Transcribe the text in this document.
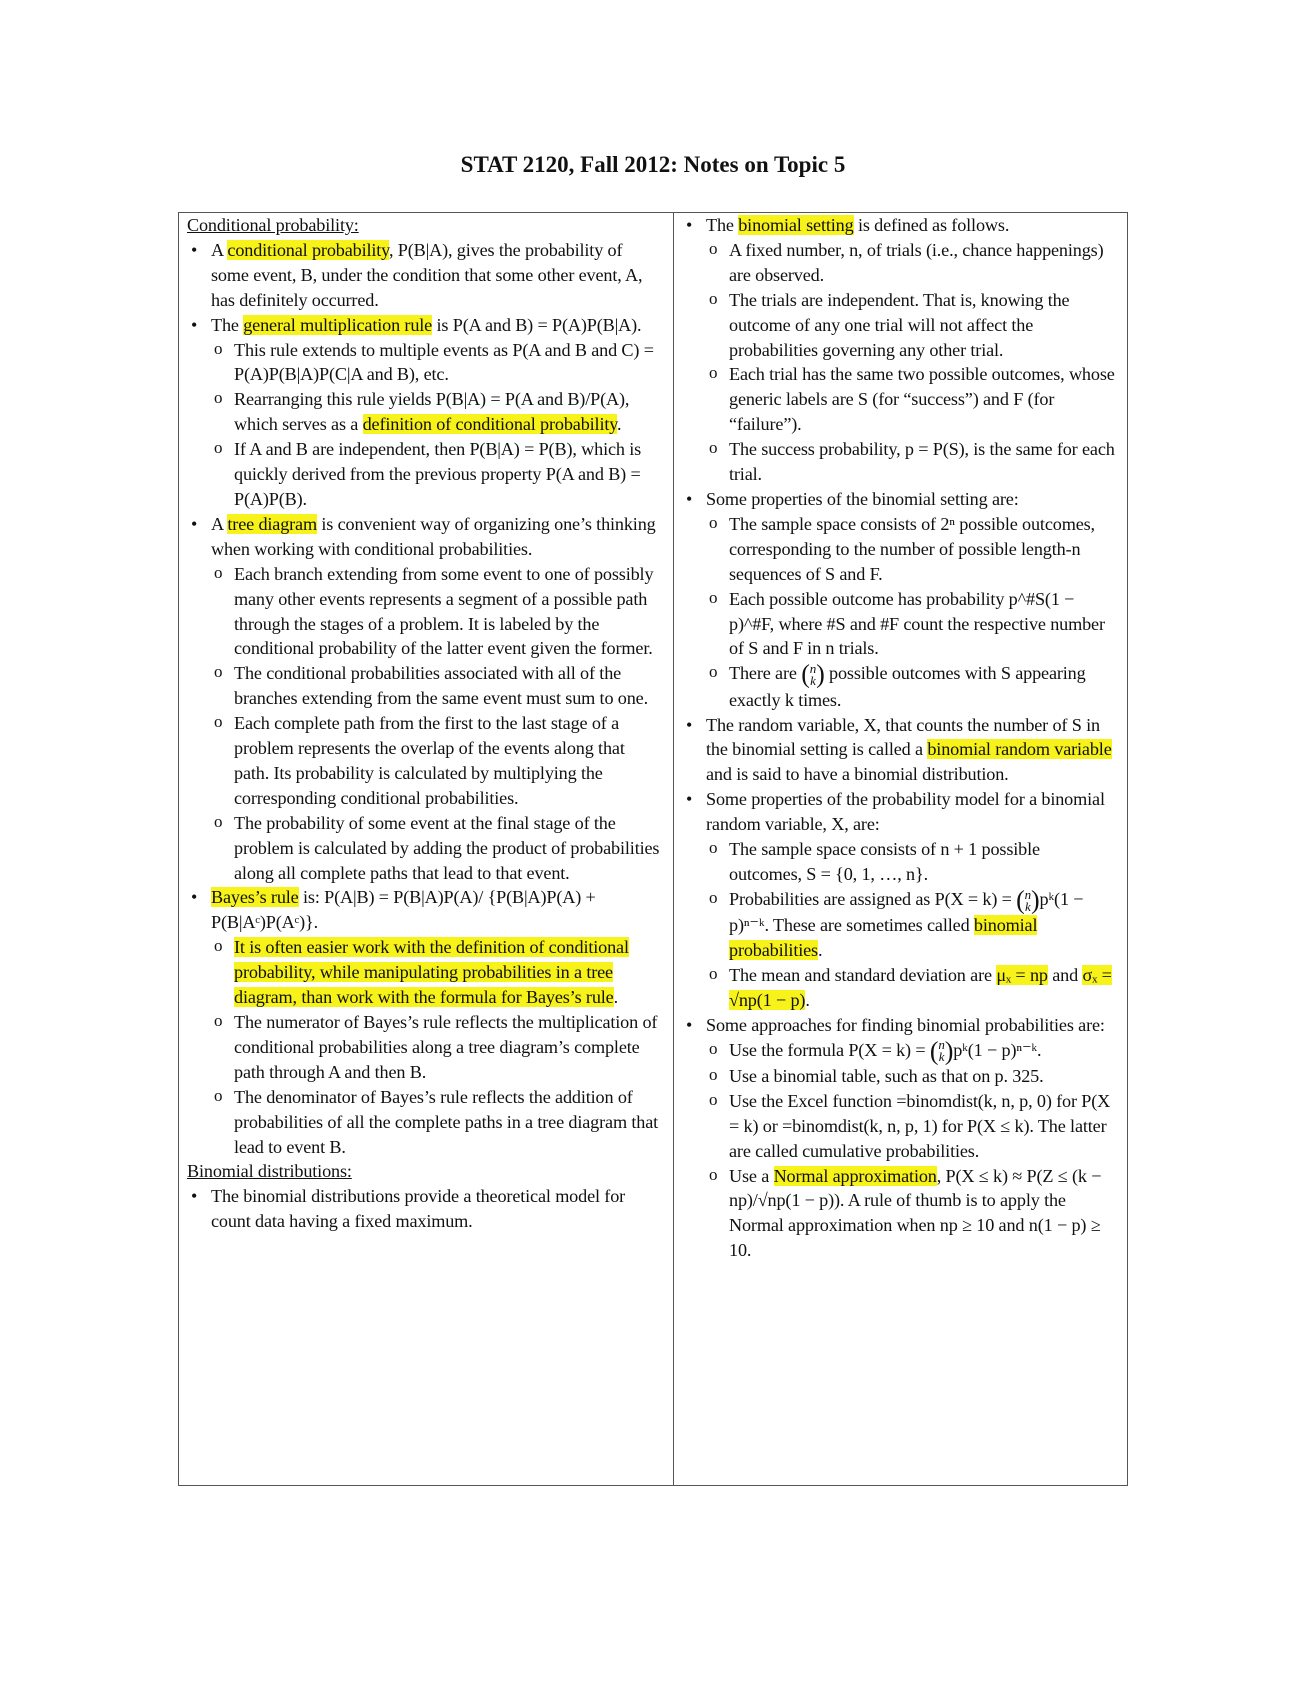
STAT 2120, Fall 2012: Notes on Topic 5
Conditional probability:
• A conditional probability, P(B|A), gives the probability of some event, B, under the condition that some other event, A, has definitely occurred.
• The general multiplication rule is P(A and B) = P(A)P(B|A).
o This rule extends to multiple events as P(A and B and C) = P(A)P(B|A)P(C|A and B), etc.
o Rearranging this rule yields P(B|A) = P(A and B)/P(A), which serves as a definition of conditional probability.
o If A and B are independent, then P(B|A) = P(B), which is quickly derived from the previous property P(A and B) = P(A)P(B).
• A tree diagram is convenient way of organizing one’s thinking when working with conditional probabilities.
o Each branch extending from some event to one of possibly many other events represents a segment of a possible path through the stages of a problem. It is labeled by the conditional probability of the latter event given the former.
o The conditional probabilities associated with all of the branches extending from the same event must sum to one.
o Each complete path from the first to the last stage of a problem represents the overlap of the events along that path. Its probability is calculated by multiplying the corresponding conditional probabilities.
o The probability of some event at the final stage of the problem is calculated by adding the product of probabilities along all complete paths that lead to that event.
• Bayes’s rule is: P(A|B) = P(B|A)P(A)/ {P(B|A)P(A) + P(B|Aᶜ)P(Aᶜ)}.
o It is often easier work with the definition of conditional probability, while manipulating probabilities in a tree diagram, than work with the formula for Bayes’s rule.
o The numerator of Bayes’s rule reflects the multiplication of conditional probabilities along a tree diagram’s complete path through A and then B.
o The denominator of Bayes’s rule reflects the addition of probabilities of all the complete paths in a tree diagram that lead to event B.
Binomial distributions:
• The binomial distributions provide a theoretical model for count data having a fixed maximum.

• The binomial setting is defined as follows.
o A fixed number, n, of trials (i.e., chance happenings) are observed.
o The trials are independent. That is, knowing the outcome of any one trial will not affect the probabilities governing any other trial.
o Each trial has the same two possible outcomes, whose generic labels are S (for “success”) and F (for “failure”).
o The success probability, p = P(S), is the same for each trial.
• Some properties of the binomial setting are:
o The sample space consists of 2ⁿ possible outcomes, corresponding to the number of possible length-n sequences of S and F.
o Each possible outcome has probability p^#S(1 − p)^#F, where #S and #F count the respective number of S and F in n trials.
o There are ( n
k ) possible outcomes with S appearing exactly k times.
• The random variable, X, that counts the number of S in the binomial setting is called a binomial random variable and is said to have a binomial distribution.
• Some properties of the probability model for a binomial random variable, X, are:
o The sample space consists of n + 1 possible outcomes, S = {0, 1, …, n}.
o Probabilities are assigned as P(X = k) = ( n
k )pᵏ(1 − p)ⁿ⁻ᵏ. These are sometimes called binomial probabilities.
o The mean and standard deviation are μₓ = np and σₓ = √np(1 − p).
• Some approaches for finding binomial probabilities are:
o Use the formula P(X = k) = ( n
k )pᵏ(1 − p)ⁿ⁻ᵏ.
o Use a binomial table, such as that on p. 325.
o Use the Excel function =binomdist(k, n, p, 0) for P(X = k) or =binomdist(k, n, p, 1) for P(X ≤ k). The latter are called cumulative probabilities.
o Use a Normal approximation, P(X ≤ k) ≈ P(Z ≤ (k − np)/√np(1 − p)). A rule of thumb is to apply the Normal approximation when np ≥ 10 and n(1 − p) ≥ 10.
